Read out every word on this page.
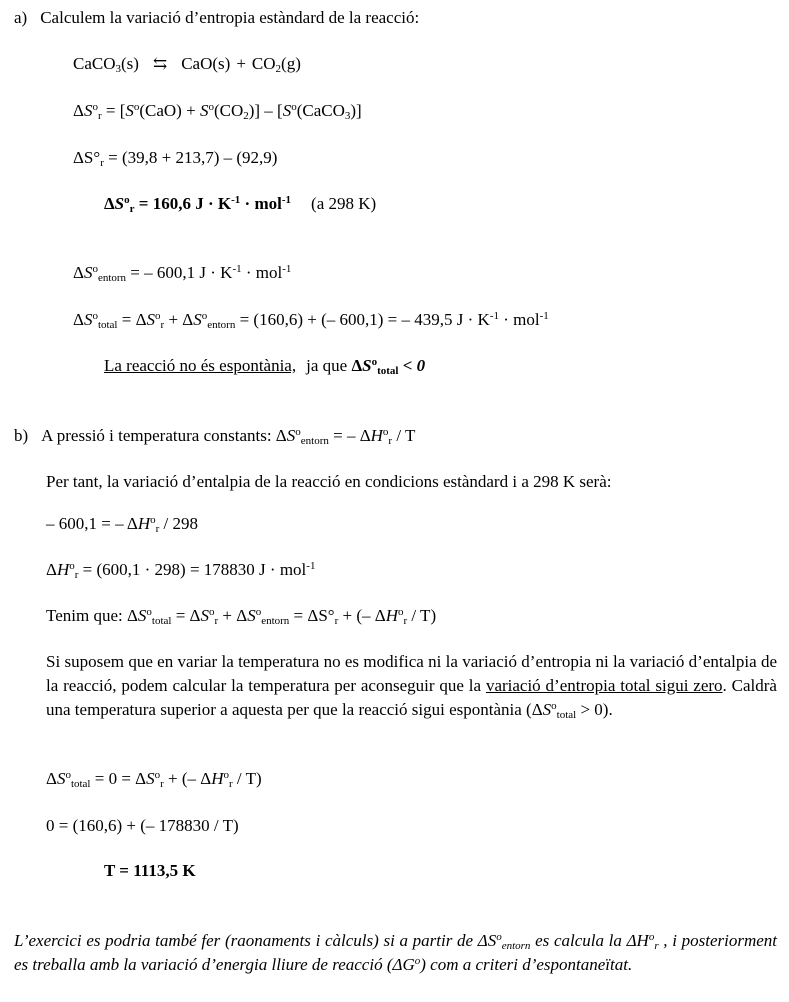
a) Calculem la variació d’entropia estàndard de la reacció:
CaCO$_3$(s) ⇆ $CaO(s) + CO_2(g)$
$\Delta S^o_r = [S^o(CaO) + S^o(CO_2)]$ – $[S^o(CaCO_3)]$
$\Delta S^\circ_r = (39,8 + 213,7) - (92,9)$
$\Delta S^o_r = 160,6$ $J \cdot K^{-1} \cdot mol^{-1}$ (a 298 K)
$\Delta S^o_{entorn}$ = – 600,1 $J \cdot K^{-1} \cdot mol^{-1}$
$\Delta S^o_{total} = \Delta S^o_r + \Delta S^o_{entorn} = (160,6)$ + (– 600,1) = – 439,5 $J \cdot K^{-1} \cdot mol^{-1}$
La reacció no és espontània, ja que $\Delta S^o_{total} < 0$
b) A pressió i temperatura constants: $\Delta S^o_{entorn}$ = – $\Delta H^o_r$ / T
Per tant, la variació d’entalpia de la reacció en condicions estàndard i a 298 K serà:
– 600,1 = – $\Delta H^o_r / 298$
$\Delta H^o_r = (600,1 \cdot 298) = 178830$ J · mol$^{-1}$
Tenim que: $\Delta S^o_{total} = \Delta S^o_r + \Delta S^o_{entorn} = \Delta S^\circ_r$ + (– $\Delta H^o_r / T$)
Si suposem que en variar la temperatura no es modifica ni la variació d’entropia ni la variació d’entalpia de la reacció, podem calcular la temperatura per aconseguir que la variació d’entropia total sigui zero. Caldrà una temperatura superior a aquesta per que la reacció sigui espontània $(\Delta S^o_{total} > 0)$.
$\Delta S^o_{total} = 0 = \Delta S^o_r$ + (– $\Delta H^o_r / T$)
0 = (160,6) + (– 178830 / T)
T = 1113,5 K
L’exercici es podria també fer (raonaments i càlculs) si a partir de $\Delta S^o_{entorn}$ es calcula la $\Delta H^o_r$ , i posteriorment es treballa amb la variació d’energia lliure de reacció $(\Delta G^o)$ com a criteri d’espontaneïtat.
